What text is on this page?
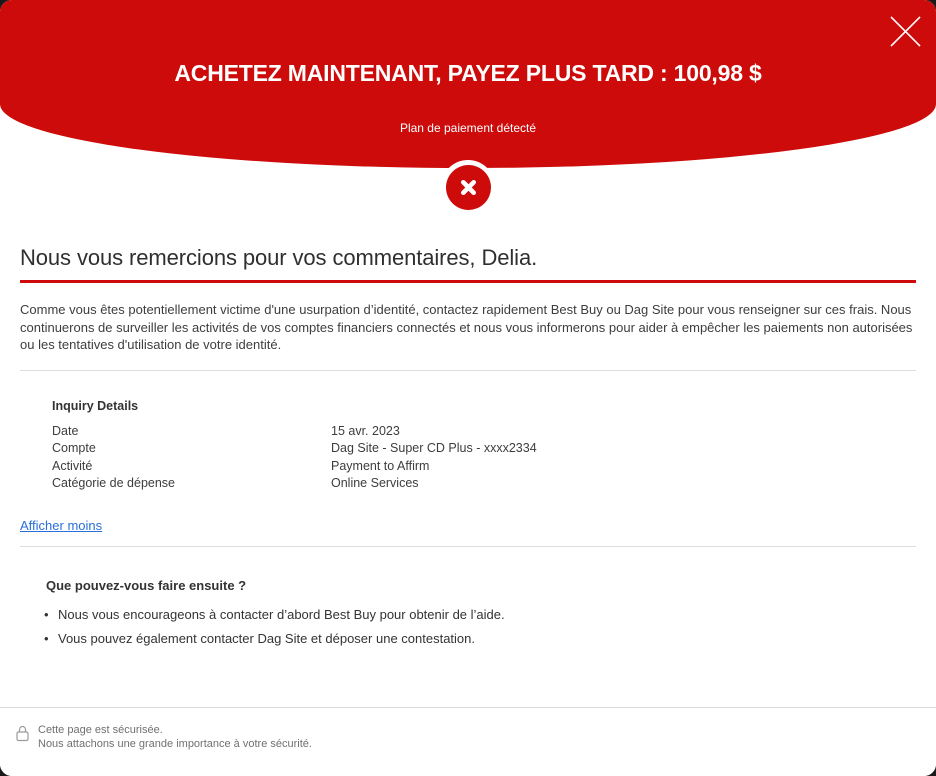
ACHETEZ MAINTENANT, PAYEZ PLUS TARD : 100,98 $
Plan de paiement détecté
Nous vous remercions pour vos commentaires, Delia.

Comme vous êtes potentiellement victime d'une usurpation d’identité, contactez rapidement Best Buy ou Dag Site pour vous renseigner sur ces frais. Nous continuerons de surveiller les activités de vos comptes financiers connectés et nous vous informerons pour aider à empêcher les paiements non autorisées ou les tentatives d'utilisation de votre identité.

Inquiry Details
Date	15 avr. 2023
Compte	Dag Site - Super CD Plus - xxxx2334
Activité	Payment to Affirm
Catégorie de dépense	Online Services
Afficher moins
Que pouvez-vous faire ensuite ?
• Nous vous encourageons à contacter d’abord Best Buy pour obtenir de l’aide.
• Vous pouvez également contacter Dag Site et déposer une contestation.
Cette page est sécurisée.
Nous attachons une grande importance à votre sécurité.
